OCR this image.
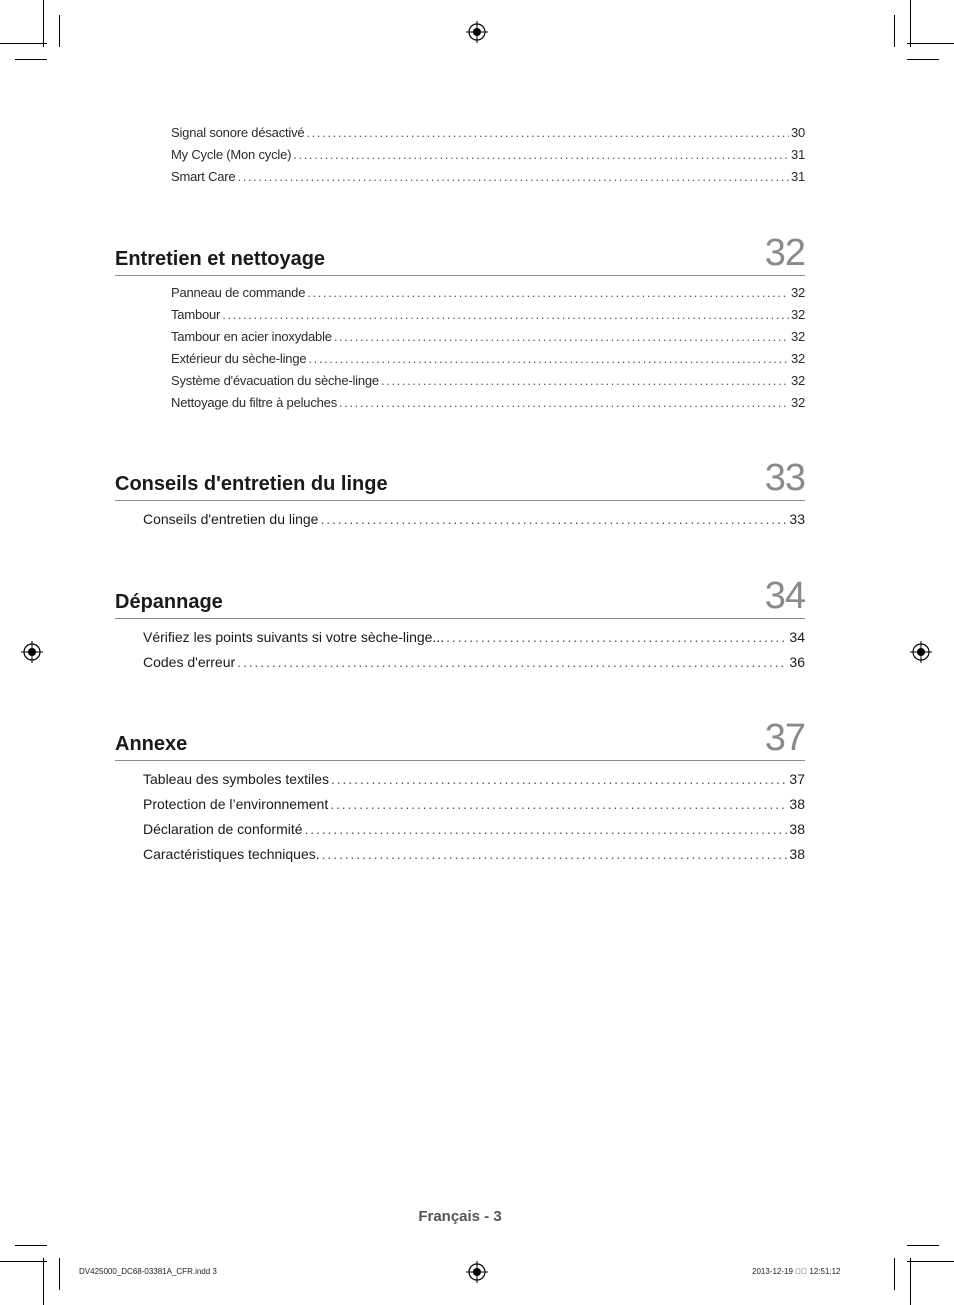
Signal sonore désactivé . . .	30
My Cycle (Mon cycle) . . .	31
Smart Care . . .	31
Entretien et nettoyage	32
Panneau de commande . . .	32
Tambour . . .	32
Tambour en acier inoxydable . . .	32
Extérieur du sèche-linge . . .	32
Système d'évacuation du sèche-linge . . .	32
Nettoyage du filtre à peluches . . .	32
Conseils d'entretien du linge	33
Conseils d'entretien du linge . . .	33
Dépannage	34
Vérifiez les points suivants si votre sèche-linge... . . .	34
Codes d'erreur . . .	36
Annexe	37
Tableau des symboles textiles . . .	37
Protection de l’environnement . . .	38
Déclaration de conformité . . .	38
Caractéristiques techniques. . . .	38
Français - 3
DV425000_DC68-03381A_CFR.indd 3	2013-12-19 ￿￿ 12:51:12
